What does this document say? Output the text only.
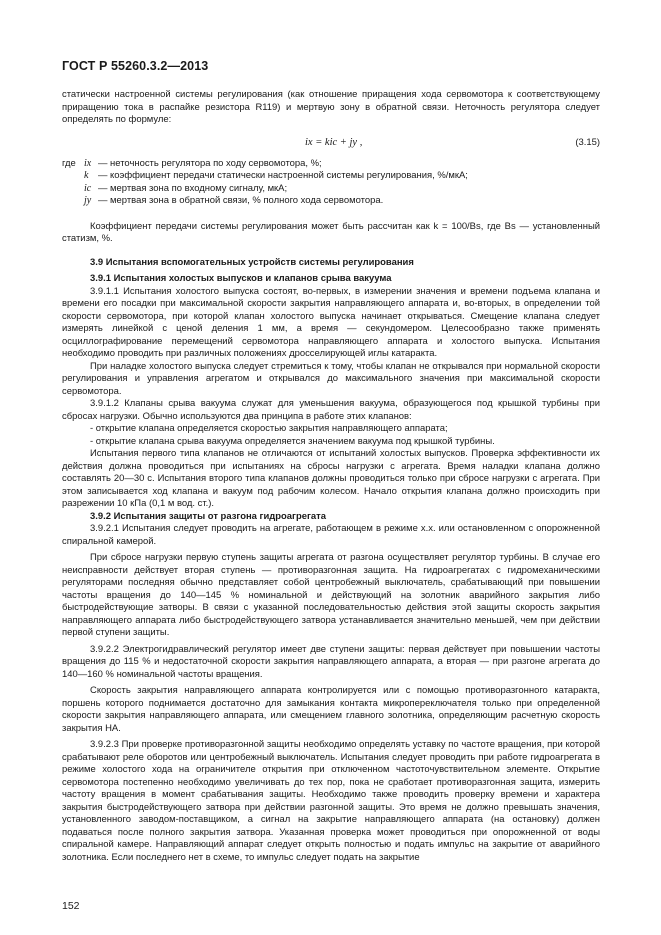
ГОСТ Р 55260.3.2—2013

статически настроенной системы регулирования (как отношение приращения хода сервомотора к соответствующему приращению тока в распайке резистора R119) и мертвую зону в обратной связи. Неточность регулятора следует определять по формуле:

iх = kiс + jy ,	(3.15)
где iх — неточность регулятора по ходу сервомотора, %;
k	— коэффициент передачи статически настроенной системы регулирования, %/мкА;
iс — мертвая зона по входному сигналу, мкА;
jу — мертвая зона в обратной связи, % полного хода сервомотора.

Коэффициент передачи системы регулирования может быть рассчитан как k = 100/Bs, где Bs — установленный статизм, %.

3.9 Испытания вспомогательных устройств системы регулирования

3.9.1 Испытания холостых выпусков и клапанов срыва вакуума

3.9.1.1 Испытания холостого выпуска состоят, во-первых, в измерении значения и времени подъема клапана и времени его посадки при максимальной скорости закрытия направляющего аппарата и, во-вторых, в определении той скорости сервомотора, при которой клапан холостого выпуска начинает открываться. Смещение клапана следует измерять линейкой с ценой деления 1 мм, а время — секундомером. Целесообразно также применять осциллографирование перемещений сервомотора направляющего аппарата и холостого выпуска. Испытания необходимо проводить при различных положениях дросселирующей иглы катаракта.

При наладке холостого выпуска следует стремиться к тому, чтобы клапан не открывался при нормальной скорости регулирования и управления агрегатом и открывался до максимального значения при максимальной скорости сервомотора.

3.9.1.2 Клапаны срыва вакуума служат для уменьшения вакуума, образующегося под крышкой турбины при сбросах нагрузки. Обычно используются два принципа в работе этих клапанов:

- открытие клапана определяется скоростью закрытия направляющего аппарата;

- открытие клапана срыва вакуума определяется значением вакуума под крышкой турбины.

Испытания первого типа клапанов не отличаются от испытаний холостых выпусков. Проверка эффективности их действия должна проводиться при испытаниях на сбросы нагрузки с агрегата. Время наладки клапана должно составлять 20—30 с. Испытания второго типа клапанов должны проводиться только при сбросе нагрузки с агрегата. При этом записывается ход клапана и вакуум под рабочим колесом. Начало открытия клапана должно происходить при разрежении 10 кПа (0,1 м вод. ст.).

3.9.2 Испытания защиты от разгона гидроагрегата

3.9.2.1 Испытания следует проводить на агрегате, работающем в режиме х.х. или остановленном с опорожненной спиральной камерой.

При сбросе нагрузки первую ступень защиты агрегата от разгона осуществляет регулятор турбины. В случае его неисправности действует вторая ступень — противоразгонная защита. На гидроагрегатах с гидромеханическими регуляторами последняя обычно представляет собой центробежный выключатель, срабатывающий при повышении частоты вращения до 140—145 % номинальной и действующий на золотник аварийного закрытия либо быстродействующие затворы. В связи с указанной последовательностью действия этой защиты скорость закрытия направляющего аппарата либо быстродействующего затвора устанавливается значительно меньшей, чем при действии первой ступени защиты.

3.9.2.2 Электрогидравлический регулятор имеет две ступени защиты: первая действует при повышении частоты вращения до 115 % и недостаточной скорости закрытия направляющего аппарата, а вторая — при разгоне агрегата до 140—160 % номинальной частоты вращения.

Скорость закрытия направляющего аппарата контролируется или с помощью противоразгонного катаракта, поршень которого поднимается достаточно для замыкания контакта микропереключателя только при определенной скорости закрытия направляющего аппарата, или смещением главного золотника, определяющим расчетную скорость закрытия НА.

3.9.2.3 При проверке противоразгонной защиты необходимо определять уставку по частоте вращения, при которой срабатывают реле оборотов или центробежный выключатель. Испытания следует проводить при работе гидроагрегата в режиме холостого хода на ограничителе открытия при отключенном частоточувствительном элементе. Открытие сервомотора постепенно необходимо увеличивать до тех пор, пока не сработает противоразгонная защита, измерить частоту вращения в момент срабатывания защиты. Необходимо также проводить проверку времени и характера закрытия быстродействующего затвора при действии разгонной защиты. Это время не должно превышать значения, установленного заводом-поставщиком, а сигнал на закрытие направляющего аппарата (на остановку) должен подаваться после полного закрытия затвора. Указанная проверка может проводиться при опорожненной от воды спиральной камере. Направляющий аппарат следует открыть полностью и подать импульс на закрытие от аварийного золотника. Если последнего нет в схеме, то импульс следует подать на закрытие

152
